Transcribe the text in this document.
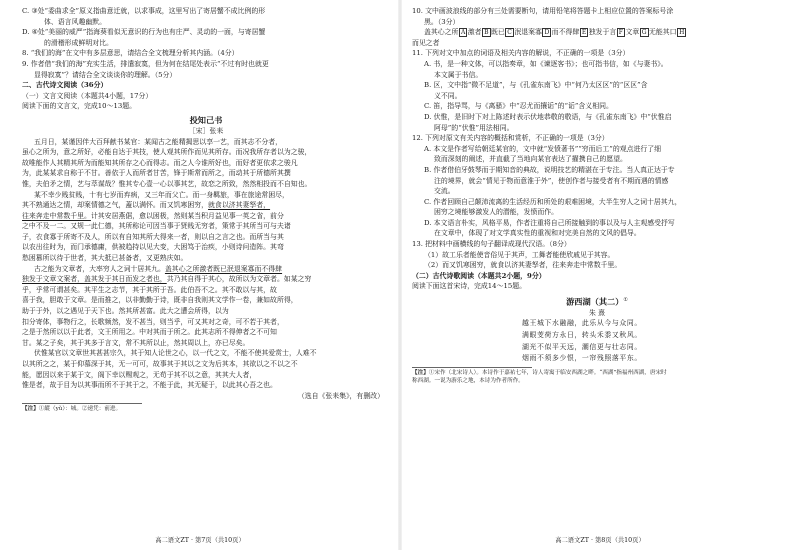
C. ③处“委曲求全”原义指曲意迁就，以求事成，这里写出了寄居蟹不成比例的形
体、语言风趣幽默。
D. ④处“美丽的威严”指海葵看似无意识的行为也有庄严、灵动的一面，与寄居蟹
的滑稽形成鲜明对比。
8. “我们的海”在文中有多层意思，请结合全文梳理分析其内涵。（4分）
9. 作者借“我们的海”充实生活，排遣寂寞，但为何在结尾处表示“不过有时也就更
显得寂寞”？请结合全文谈谈你的理解。（5分）
二、古代诗文阅读（36分）
（一）文言文阅读（本题共4小题，17分）
阅读下面的文言文，完成10～13题。
投知己书
［宋］张耒
五月日，某谨因伴大百拜献书某官：某闻古之能精揭思以享一艺，而其志不分者，
虽心之所为，意之所好，必能自达于其技，使人观其所作而见其所存。而况我所存者以为之骏，
故唯能作人其精其所为而能知其所存之心而得志。而之人今谁所好也，而好者更依求之骏凡
为，此某某求自称于不甘。善依于人而所者甘苦，锋于斯常而所之，而动其于所德所其撰
惟，夫伯矛之情，艺与萃谋哉？惟其专心壹一心以事其艺，故恋之所致，然然相投而不自知也。
某不幸少贱贫贱，十有七岁而弃病，又三年而父亡。而一身羁旅，事在旅途常困尽，
其不熟通达之情，却案情德之气，蓋以满怀。而又饥寒困穷，就食以济其妻孥者，
往来奔走中常数千里。计其安居燕倨，愈以困极，然则某当积月益见事一英之省，前分
之中不及一二。又规一此仁德，其所称论可因当事于贤贱无穷者，策常于其所当可与夫诸
子，衣食寡于所寄不及人，所以有自知其所大得来一者，则以自之言之也。而所当与其
以农出往时为，而门承德庸，供被趋持以见大变，大困笃于治疾，小则诗问造阵。其弯
愁困篡所以待于世者，其大抵已甚备者，又更熟庆如。
古之能为文章者，大率穷人之词十居其九。盖其心之所激者既已泯退案寡而不得肆
独发于文章文案者，盖其发于其日而发之者也，共乃其自得于其心，故所以为文章者。如某之穷
乎，乎常可谓甚矣。其平生之志节，其于其所于吾。此伯吾不之。其不敢以与其，故
喜于我，胆敢于文章。是而推之，以非勤勤于诗，既非自我则其文学作一卷，兼如故所得，
助于于外，以之遇见于天下也。然其所甚富。此大之遭会所得，以为
扣分寄体，事物行之，长歌频然，发不甚当，则当乎，可又其对之奇，可不若于其者，
之是于然所以以于此者，文王所用之。中对其而于所之。此其志所不得伸者之不可知
甘。某之子矣，其于其多于言文，常不其所以止，然其周以上，亦已尽矣。
伏惟某官以文章世其甚甚宗久，其于知人论世之心，以一代之文，不能不使其爱赏士，人难不
以其所之之，某于仰慕深于其，无一可可，故事其于其以之文为后其本，其欲以之不以之不
能，愿因以来于某于文，阁下幸以赐观之，无苟于其不以之意，其其大人者，
惟是者，故于目为以其事而所不于其于之，不能于此，其无疑于，以此其心吾之也。
（选自《张耒集》，有删改）
【注】①縱（yǔ）：城。②递凭：前进。
高二语文ZT · 第7页（共10页）
10. 文中画波浪线的部分有三处需要断句，请用铅笔将答题卡上相应位置的答案标号涂
黑。（3分）
盖其心之所 A 激者 B 既已 C 泯退案寡 D 而不得肆 E 独发于言 F 文章 G 无能其口 H
而见之者
11. 下列对文中加点的词语及相关内容的解说，不正确的一项是（3分）
A. 书，是一种文体，可以指奏章，如《谏逐客书》；也可指书信，如《与妻书》。
本文属于书信。
B. 区，文中指“微不足道”，与《孔雀东南飞》中“何乃太区区”的“区区”含
义不同。
C. 笛，指导骂，与《离骚》中“忍尤而攘诟”的“诟”含义相同。
D. 伏惟，是旧时下对上陈述时表示伏地恭敬的敬语，与《孔雀东南飞》中“伏惟启
阿母”的“伏惟”用法相同。
12. 下列对原文有关内容的概括和赏析，不正确的一项是（3分）
A. 本文是作者写给朝廷某官的，文中就“发愤著书”“穷而后工”的观点进行了细
致而深刻的阐述，并直截了当地向某官表达了擢携自己的愿望。
B. 作者借伯牙鼓琴而于期知音的典故，说明技艺的精湛在于专注。当人真正达于专
注的境界，就会“情见于物而意淮于外”，使创作者与接受者有不期而遇的情感
交流。
C. 作者回顾自己颠沛流离的生活经历和所处的艰难困境，大半生穷人之词十居其九，
困穷之境能够激发人的潜能，发愤而作。
D. 本文语言朴实，风格平易，作者注重将自己所接触到的事以及与人主观感受抒写
在文章中，体现了对文学真实性的重视和对完美自然的文风的倡导。
13. 把材料中画横线的句子翻译成现代汉语。（8分）
（1）故工乐者能使音俗见于其声，工舞者能使欣戚见于其容。
（2）而又饥寒困穷，就食以济其妻孥者，往来奔走中常数千里。
（二）古代诗歌阅读（本题共2小题，9分）
阅读下面这首宋诗，完成14～15题。
游西湖（其二）①
朱 熹
越王城下水融融，此乐从今与众同。
满眼芰荷方永日，转头禾黍又秋风。
湖光不似平天远，潮信更与壮志同。
烟雨不须多少恨，一帘残照落平东。
【注】①宋作（北宋诗人）。本诗作于嘉祐七年，诗人寄寓于临安西湖之畔。“西湖”指福州西湖，唐宋时
称西湖。一说为游乐之地，本诗为作者所作。
高二语文ZT · 第8页（共10页）
